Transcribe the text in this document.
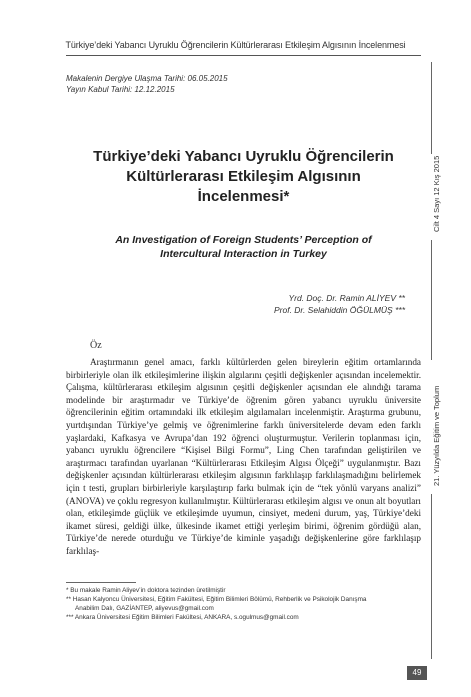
Türkiye’deki Yabancı Uyruklu Öğrencilerin Kültürlerarası Etkileşim Algısının İncelenmesi
Makalenin Dergiye Ulaşma Tarihi: 06.05.2015
Yayın Kabul Tarihi: 12.12.2015
Türkiye’deki Yabancı Uyruklu Öğrencilerin
Kültürlerarası Etkileşim Algısının
İncelenmesi*
An Investigation of Foreign Students’ Perception of
Intercultural Interaction in Turkey
Yrd. Doç. Dr. Ramin ALİYEV **
Prof. Dr. Selahiddin ÖĞÜLMÜŞ ***
Öz

Araştırmanın genel amacı, farklı kültürlerden gelen bireylerin eğitim ortamlarında birbirleriyle olan ilk etkileşimlerine ilişkin algılarını çeşitli değişkenler açısından incelemektir. Çalışma, kültürlerarası etkileşim algısının çeşitli değişkenler açısından ele alındığı tarama modelinde bir araştırmadır ve Türkiye’de öğrenim gören yabancı uyruklu üniversite öğrencilerinin eğitim ortamındaki ilk etkileşim algılamaları incelenmiştir. Araştırma grubunu, yurtdışından Türkiye’ye gelmiş ve öğrenimlerine farklı üniversitelerde devam eden farklı yaşlardaki, Kafkasya ve Avrupa’dan 192 öğrenci oluşturmuştur. Verilerin toplanması için, yabancı uyruklu öğrencilere “Kişisel Bilgi Formu”, Ling Chen tarafından geliştirilen ve araştırmacı tarafından uyarlanan “Kültürlerarası Etkileşim Algısı Ölçeği” uygulanmıştır. Bazı değişkenler açısından kültürlerarası etkileşim algısının farklılaşıp farklılaşmadığını belirlemek için t testi, grupları birbirleriyle karşılaştırıp farkı bulmak için de “tek yönlü varyans analizi” (ANOVA) ve çoklu regresyon kullanılmıştır. Kültürlerarası etkileşim algısı ve onun alt boyutları olan, etkileşimde güçlük ve etkileşimde uyumun, cinsiyet, medeni durum, yaş, Türkiye’deki ikamet süresi, geldiği ülke, ülkesinde ikamet ettiği yerleşim birimi, öğrenim gördüğü alan, Türkiye’de nerede oturduğu ve Türkiye’de kiminle yaşadığı değişkenlerine göre farklılaşıp farklılaş-

* Bu makale Ramin Aliyev’in doktora tezinden üretilmiştir
** Hasan Kalyoncu Üniversitesi, Eğitim Fakültesi, Eğitim Bilimleri Bölümü, Rehberlik ve Psikolojik Danışma
Anabilim Dalı, GAZİANTEP, aliyevus@gmail.com
*** Ankara Üniversitesi Eğitim Bilimleri Fakültesi, ANKARA, s.ogulmus@gmail.com
Cilt 4 Sayı 12 Kış 2015
21. Yüzyılda Eğitim ve Toplum
49
